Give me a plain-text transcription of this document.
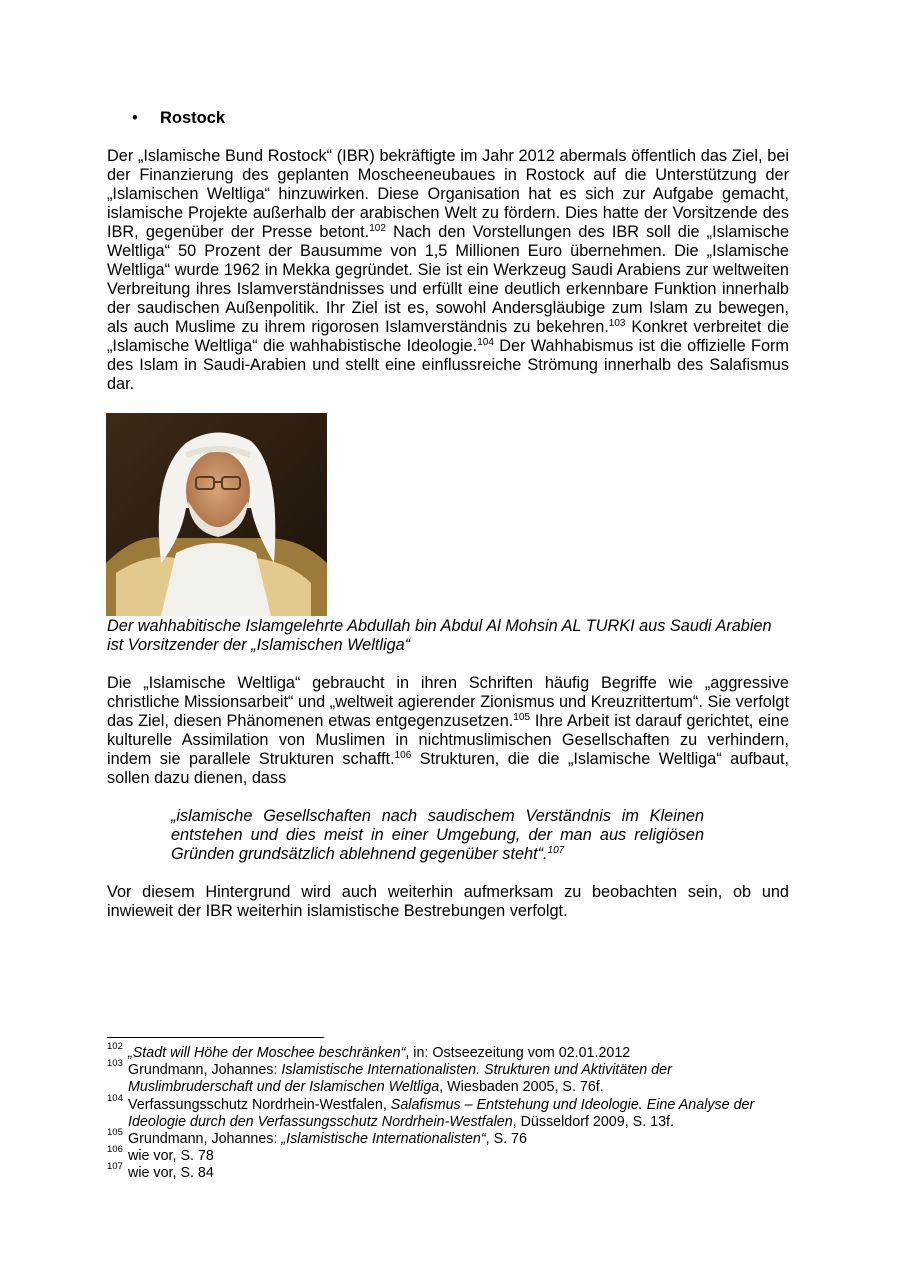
• Rostock

Der „Islamische Bund Rostock“ (IBR) bekräftigte im Jahr 2012 abermals öffentlich das Ziel, bei der Finanzierung des geplanten Moscheeneubaues in Rostock auf die Unterstützung der „Islamischen Weltliga“ hinzuwirken. Diese Organisation hat es sich zur Aufgabe gemacht, islamische Projekte außerhalb der arabischen Welt zu fördern. Dies hatte der Vorsitzende des IBR, gegenüber der Presse betont.$^{102}$ Nach den Vorstellungen des IBR soll die „Islamische Weltliga“ 50 Prozent der Bausumme von 1,5 Millionen Euro übernehmen. Die „Islamische Weltliga“ wurde 1962 in Mekka gegründet. Sie ist ein Werkzeug Saudi Arabiens zur weltweiten Verbreitung ihres Islamverständnisses und erfüllt eine deutlich erkennbare Funktion innerhalb der saudischen Außenpolitik. Ihr Ziel ist es, sowohl Andersgläubige zum Islam zu bewegen, als auch Muslime zu ihrem rigorosen Islamverständnis zu bekehren.$^{103}$ Konkret verbreitet die „Islamische Weltliga“ die wahhabistische Ideologie.$^{104}$ Der Wahhabismus ist die offizielle Form des Islam in Saudi-Arabien und stellt eine einflussreiche Strömung innerhalb des Salafismus dar.

Der wahhabitische Islamgelehrte Abdullah bin Abdul Al Mohsin AL TURKI aus Saudi Arabien ist Vorsitzender der „Islamischen Weltliga“

Die „Islamische Weltliga“ gebraucht in ihren Schriften häufig Begriffe wie „aggressive christliche Missionsarbeit“ und „weltweit agierender Zionismus und Kreuzrittertum“. Sie verfolgt das Ziel, diesen Phänomenen etwas entgegenzusetzen.$^{105}$ Ihre Arbeit ist darauf gerichtet, eine kulturelle Assimilation von Muslimen in nichtmuslimischen Gesellschaften zu verhindern, indem sie parallele Strukturen schafft.$^{106}$ Strukturen, die die „Islamische Weltliga“ aufbaut, sollen dazu dienen, dass

„islamische Gesellschaften nach saudischem Verständnis im Kleinen entstehen und dies meist in einer Umgebung, der man aus religiösen Gründen grundsätzlich ablehnend gegenüber steht“.$^{107}$

Vor diesem Hintergrund wird auch weiterhin aufmerksam zu beobachten sein, ob und inwieweit der IBR weiterhin islamistische Bestrebungen verfolgt.

102 „Stadt will Höhe der Moschee beschränken“, in: Ostseezeitung vom 02.01.2012
103 Grundmann, Johannes: Islamistische Internationalisten. Strukturen und Aktivitäten der Muslimbruderschaft und der Islamischen Weltliga, Wiesbaden 2005, S. 76f.
104 Verfassungsschutz Nordrhein-Westfalen, Salafismus – Entstehung und Ideologie. Eine Analyse der Ideologie durch den Verfassungsschutz Nordrhein-Westfalen, Düsseldorf 2009, S. 13f.
105 Grundmann, Johannes: „Islamistische Internationalisten“, S. 76
106 wie vor, S. 78
107 wie vor, S. 84
